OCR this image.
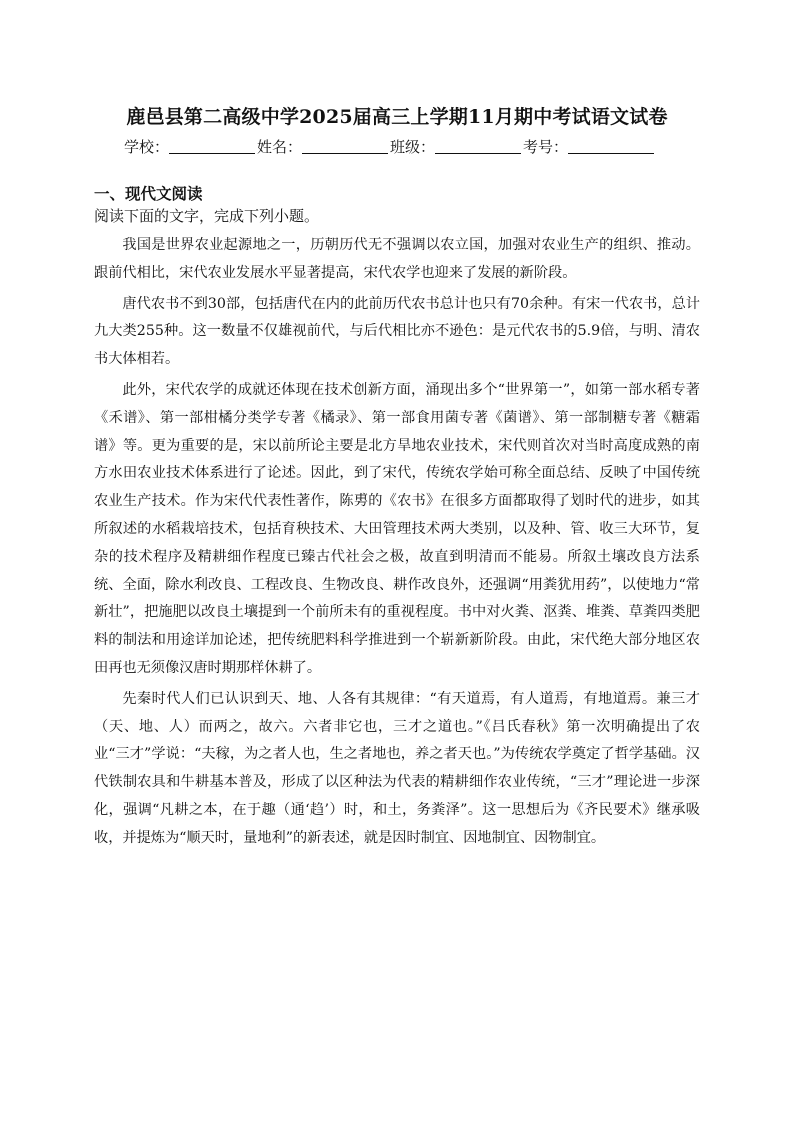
鹿邑县第二高级中学2025届高三上学期11月期中考试语文试卷
学校：	姓名：	班级：	考号：
一、现代文阅读
阅读下面的文字，完成下列小题。

我国是世界农业起源地之一，历朝历代无不强调以农立国，加强对农业生产的组织、推动。跟前代相比，宋代农业发展水平显著提高，宋代农学也迎来了发展的新阶段。

唐代农书不到30部，包括唐代在内的此前历代农书总计也只有70余种。有宋一代农书，总计九大类255种。这一数量不仅雄视前代，与后代相比亦不逊色：是元代农书的5.9倍，与明、清农书大体相若。

此外，宋代农学的成就还体现在技术创新方面，涌现出多个“世界第一”，如第一部水稻专著《禾谱》、第一部柑橘分类学专著《橘录》、第一部食用菌专著《菌谱》、第一部制糖专著《糖霜谱》等。更为重要的是，宋以前所论主要是北方旱地农业技术，宋代则首次对当时高度成熟的南方水田农业技术体系进行了论述。因此，到了宋代，传统农学始可称全面总结、反映了中国传统农业生产技术。作为宋代代表性著作，陈旉的《农书》在很多方面都取得了划时代的进步，如其所叙述的水稻栽培技术，包括育秧技术、大田管理技术两大类别，以及种、管、收三大环节，复杂的技术程序及精耕细作程度已臻古代社会之极，故直到明清而不能易。所叙土壤改良方法系统、全面，除水利改良、工程改良、生物改良、耕作改良外，还强调“用粪犹用药”，以使地力“常新壮”，把施肥以改良土壤提到一个前所未有的重视程度。书中对火粪、沤粪、堆粪、草粪四类肥料的制法和用途详加论述，把传统肥料科学推进到一个崭新新阶段。由此，宋代绝大部分地区农田再也无须像汉唐时期那样休耕了。

先秦时代人们已认识到天、地、人各有其规律：“有天道焉，有人道焉，有地道焉。兼三才（天、地、人）而两之，故六。六者非它也，三才之道也。”《吕氏春秋》第一次明确提出了农业“三才”学说：“夫稼，为之者人也，生之者地也，养之者天也。”为传统农学奠定了哲学基础。汉代铁制农具和牛耕基本普及，形成了以区种法为代表的精耕细作农业传统，“三才”理论进一步深化，强调“凡耕之本，在于趣（通‘趋’）时，和土，务粪泽”。这一思想后为《齐民要术》继承吸收，并提炼为“顺天时，量地利”的新表述，就是因时制宜、因地制宜、因物制宜。
